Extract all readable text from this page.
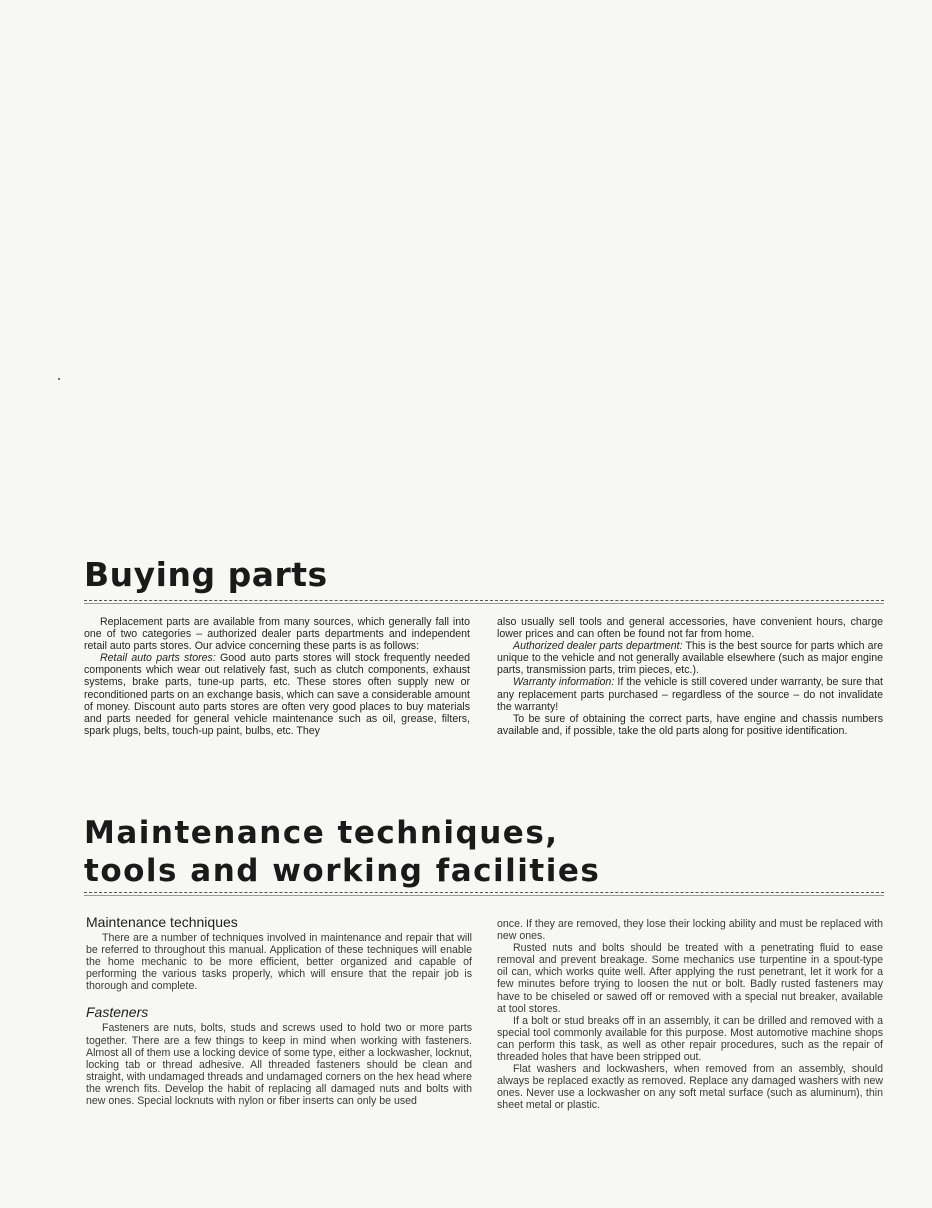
Buying parts

Replacement parts are available from many sources, which generally fall into one of two categories – authorized dealer parts departments and independent retail auto parts stores. Our advice concerning these parts is as follows:

Retail auto parts stores: Good auto parts stores will stock frequently needed components which wear out relatively fast, such as clutch components, exhaust systems, brake parts, tune-up parts, etc. These stores often supply new or reconditioned parts on an exchange basis, which can save a considerable amount of money. Discount auto parts stores are often very good places to buy materials and parts needed for general vehicle maintenance such as oil, grease, filters, spark plugs, belts, touch-up paint, bulbs, etc. They

also usually sell tools and general accessories, have convenient hours, charge lower prices and can often be found not far from home.

Authorized dealer parts department: This is the best source for parts which are unique to the vehicle and not generally available elsewhere (such as major engine parts, transmission parts, trim pieces, etc.).

Warranty information: If the vehicle is still covered under warranty, be sure that any replacement parts purchased – regardless of the source – do not invalidate the warranty!

To be sure of obtaining the correct parts, have engine and chassis numbers available and, if possible, take the old parts along for positive identification.

Maintenance techniques,
tools and working facilities
Maintenance techniques

There are a number of techniques involved in maintenance and repair that will be referred to throughout this manual. Application of these techniques will enable the home mechanic to be more efficient, better organized and capable of performing the various tasks properly, which will ensure that the repair job is thorough and complete.

Fasteners

Fasteners are nuts, bolts, studs and screws used to hold two or more parts together. There are a few things to keep in mind when working with fasteners. Almost all of them use a locking device of some type, either a lockwasher, locknut, locking tab or thread adhesive. All threaded fasteners should be clean and straight, with undamaged threads and undamaged corners on the hex head where the wrench fits. Develop the habit of replacing all damaged nuts and bolts with new ones. Special locknuts with nylon or fiber inserts can only be used

once. If they are removed, they lose their locking ability and must be replaced with new ones.

Rusted nuts and bolts should be treated with a penetrating fluid to ease removal and prevent breakage. Some mechanics use turpentine in a spout-type oil can, which works quite well. After applying the rust penetrant, let it work for a few minutes before trying to loosen the nut or bolt. Badly rusted fasteners may have to be chiseled or sawed off or removed with a special nut breaker, available at tool stores.

If a bolt or stud breaks off in an assembly, it can be drilled and removed with a special tool commonly available for this purpose. Most automotive machine shops can perform this task, as well as other repair procedures, such as the repair of threaded holes that have been stripped out.

Flat washers and lockwashers, when removed from an assembly, should always be replaced exactly as removed. Replace any damaged washers with new ones. Never use a lockwasher on any soft metal surface (such as aluminum), thin sheet metal or plastic.
